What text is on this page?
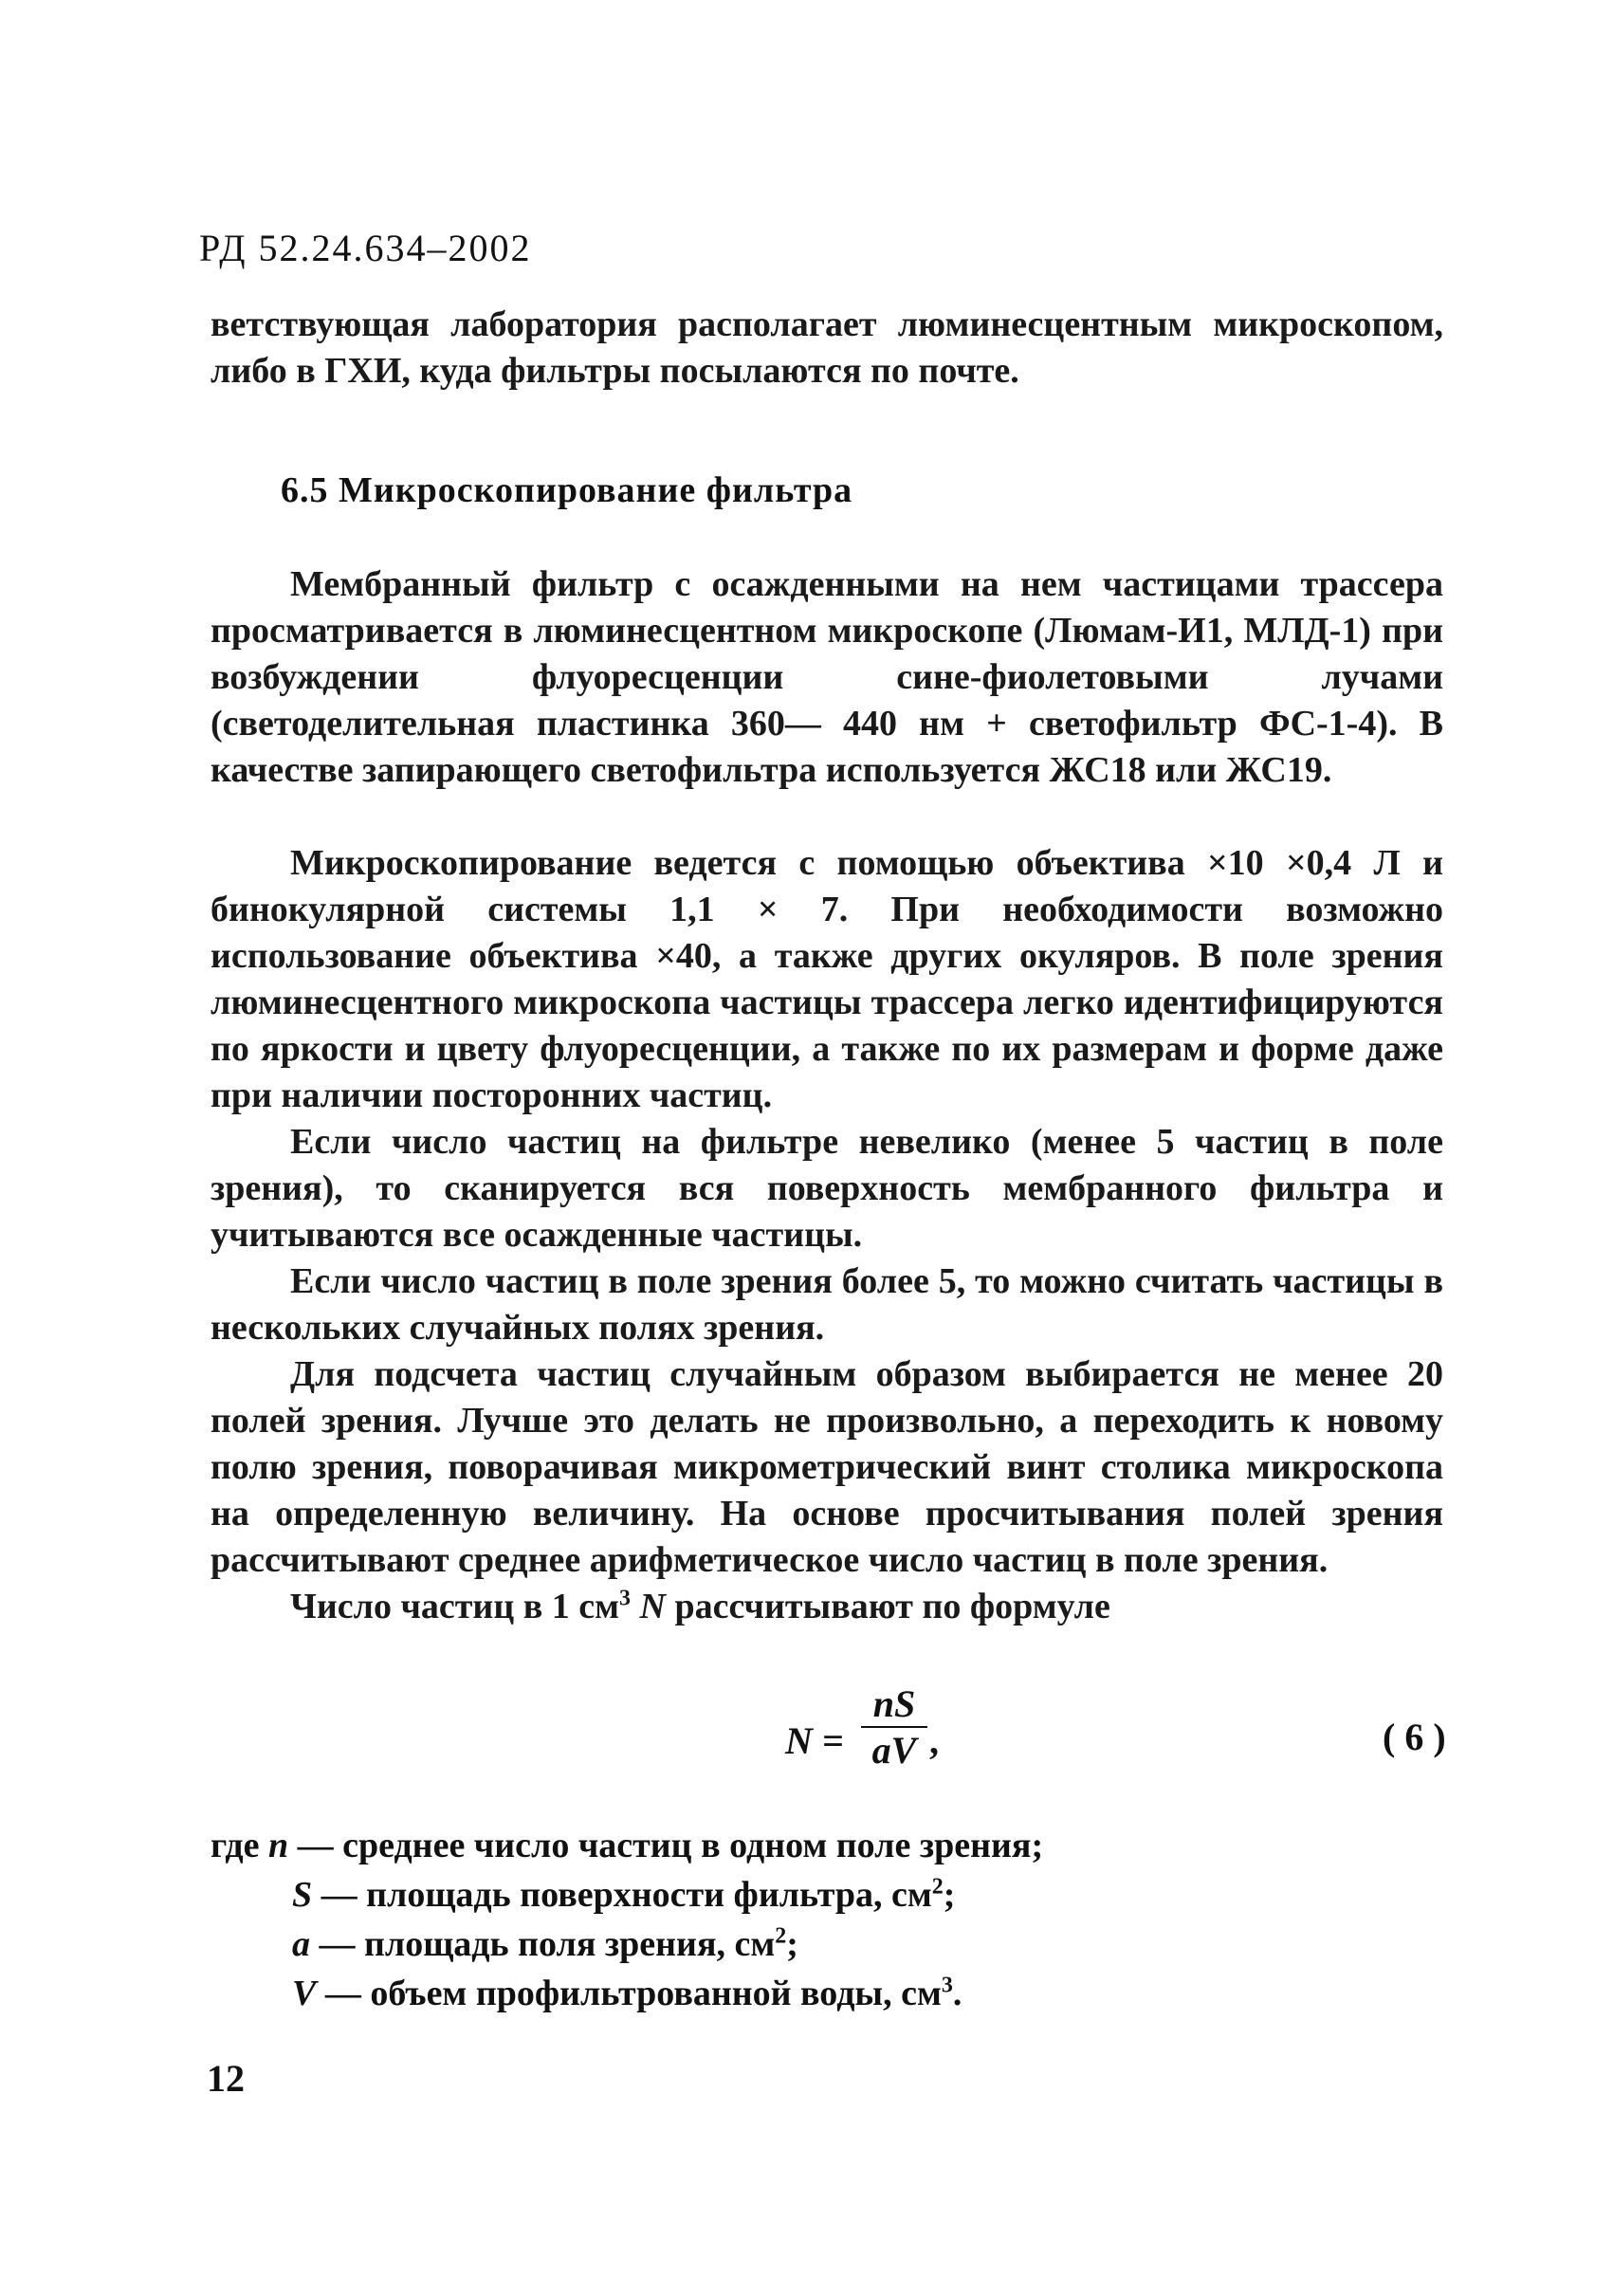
РД 52.24.634–2002
ветствующая лаборатория располагает люминесцентным микроскопом, либо в ГХИ, куда фильтры посылаются по почте.
6.5 Микроскопирование фильтра
Мембранный фильтр с осажденными на нем частицами трассера просматривается в люминесцентном микроскопе (Люмам-И1, МЛД-1) при возбуждении флуоресценции сине-фиолетовыми лучами (светоделительная пластинка 360— 440 нм + светофильтр ФС-1-4). В качестве запирающего светофильтра используется ЖС18 или ЖС19.
Микроскопирование ведется с помощью объектива ×10 ×0,4 Л и бинокулярной системы 1,1 × 7. При необходимости возможно использование объектива ×40, а также других окуляров. В поле зрения люминесцентного микроскопа частицы трассера легко идентифицируются по яркости и цвету флуоресценции, а также по их размерам и форме даже при наличии посторонних частиц.
Если число частиц на фильтре невелико (менее 5 частиц в поле зрения), то сканируется вся поверхность мембранного фильтра и учитываются все осажденные частицы.
Если число частиц в поле зрения более 5, то можно считать частицы в нескольких случайных полях зрения.
Для подсчета частиц случайным образом выбирается не менее 20 полей зрения. Лучше это делать не произвольно, а переходить к новому полю зрения, поворачивая микрометрический винт столика микроскопа на определенную величину. На основе просчитывания полей зрения рассчитывают среднее арифметическое число частиц в поле зрения.
Число частиц в 1 $см^3$ N рассчитывают по формуле
$N = \frac{nS}{aV}$ ,	( 6 )
где n — среднее число частиц в одном поле зрения;
S — площадь поверхности фильтра, $см^2$;
a — площадь поля зрения, $см^2$;
V — объем профильтрованной воды, $см^3$.
12
